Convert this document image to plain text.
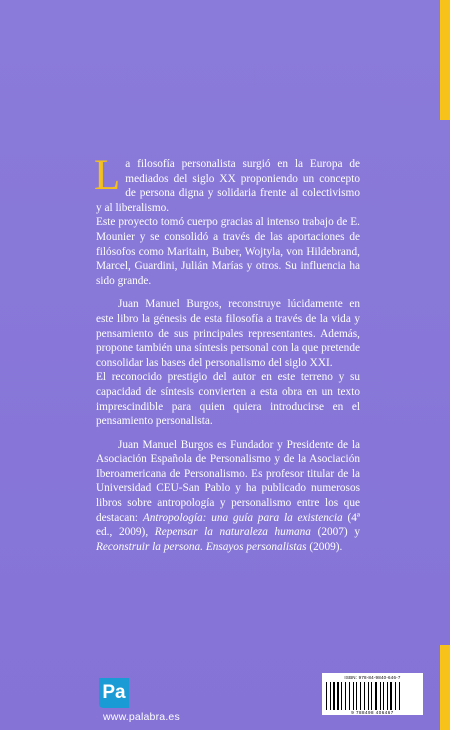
L a filosofía personalista surgió en la Europa de mediados del siglo XX proponiendo un concepto de persona digna y solidaria frente al colectivismo y al liberalismo.

Este proyecto tomó cuerpo gracias al intenso trabajo de E. Mounier y se consolidó a través de las aportaciones de filósofos como Maritain, Buber, Wojtyla, von Hildebrand, Marcel, Guardini, Julián Marías y otros. Su influencia ha sido grande.

Juan Manuel Burgos, reconstruye lúcidamente en este libro la génesis de esta filosofía a través de la vida y pensamiento de sus principales representantes. Además, propone también una síntesis personal con la que pretende consolidar las bases del personalismo del siglo XXI.

El reconocido prestigio del autor en este terreno y su capacidad de síntesis convierten a esta obra en un texto imprescindible para quien quiera introducirse en el pensamiento personalista.

Juan Manuel Burgos es Fundador y Presidente de la Asociación Española de Personalismo y de la Asociación Iberoamericana de Personalismo. Es profesor titular de la Universidad CEU-San Pablo y ha publicado numerosos libros sobre antropología y personalismo entre los que destacan: Antropología: una guía para la existencia (4ª ed., 2009), Repensar la naturaleza humana (2007) y Reconstruir la persona. Ensayos personalistas (2009).

ISBN: 978-84-9840-646-7
9 788498 406467
Pa
www.palabra.es
